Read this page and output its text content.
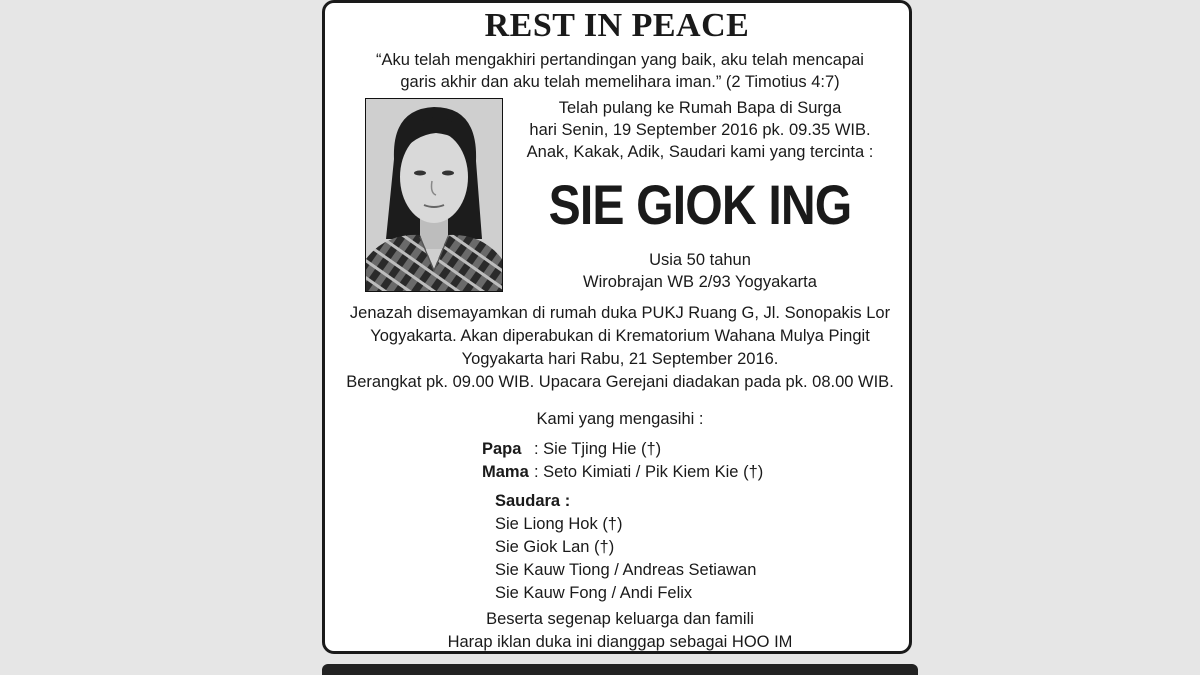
REST IN PEACE
“Aku telah mengakhiri pertandingan yang baik, aku telah mencapai
garis akhir dan aku telah memelihara iman.” (2 Timotius 4:7)
Telah pulang ke Rumah Bapa di Surga
hari Senin, 19 September 2016 pk. 09.35 WIB.
Anak, Kakak, Adik, Saudari kami yang tercinta :
SIE GIOK ING
Usia 50 tahun
Wirobrajan WB 2/93 Yogyakarta
Jenazah disemayamkan di rumah duka PUKJ Ruang G, Jl. Sonopakis Lor
Yogyakarta. Akan diperabukan di Krematorium Wahana Mulya Pingit
Yogyakarta hari Rabu, 21 September 2016.
Berangkat pk. 09.00 WIB. Upacara Gerejani diadakan pada pk. 08.00 WIB.
Kami yang mengasihi :
Papa : Sie Tjing Hie (†)
Mama : Seto Kimiati / Pik Kiem Kie (†)
Saudara :
Sie Liong Hok (†)
Sie Giok Lan (†)
Sie Kauw Tiong / Andreas Setiawan
Sie Kauw Fong / Andi Felix
Beserta segenap keluarga dan famili
Harap iklan duka ini dianggap sebagai HOO IM
